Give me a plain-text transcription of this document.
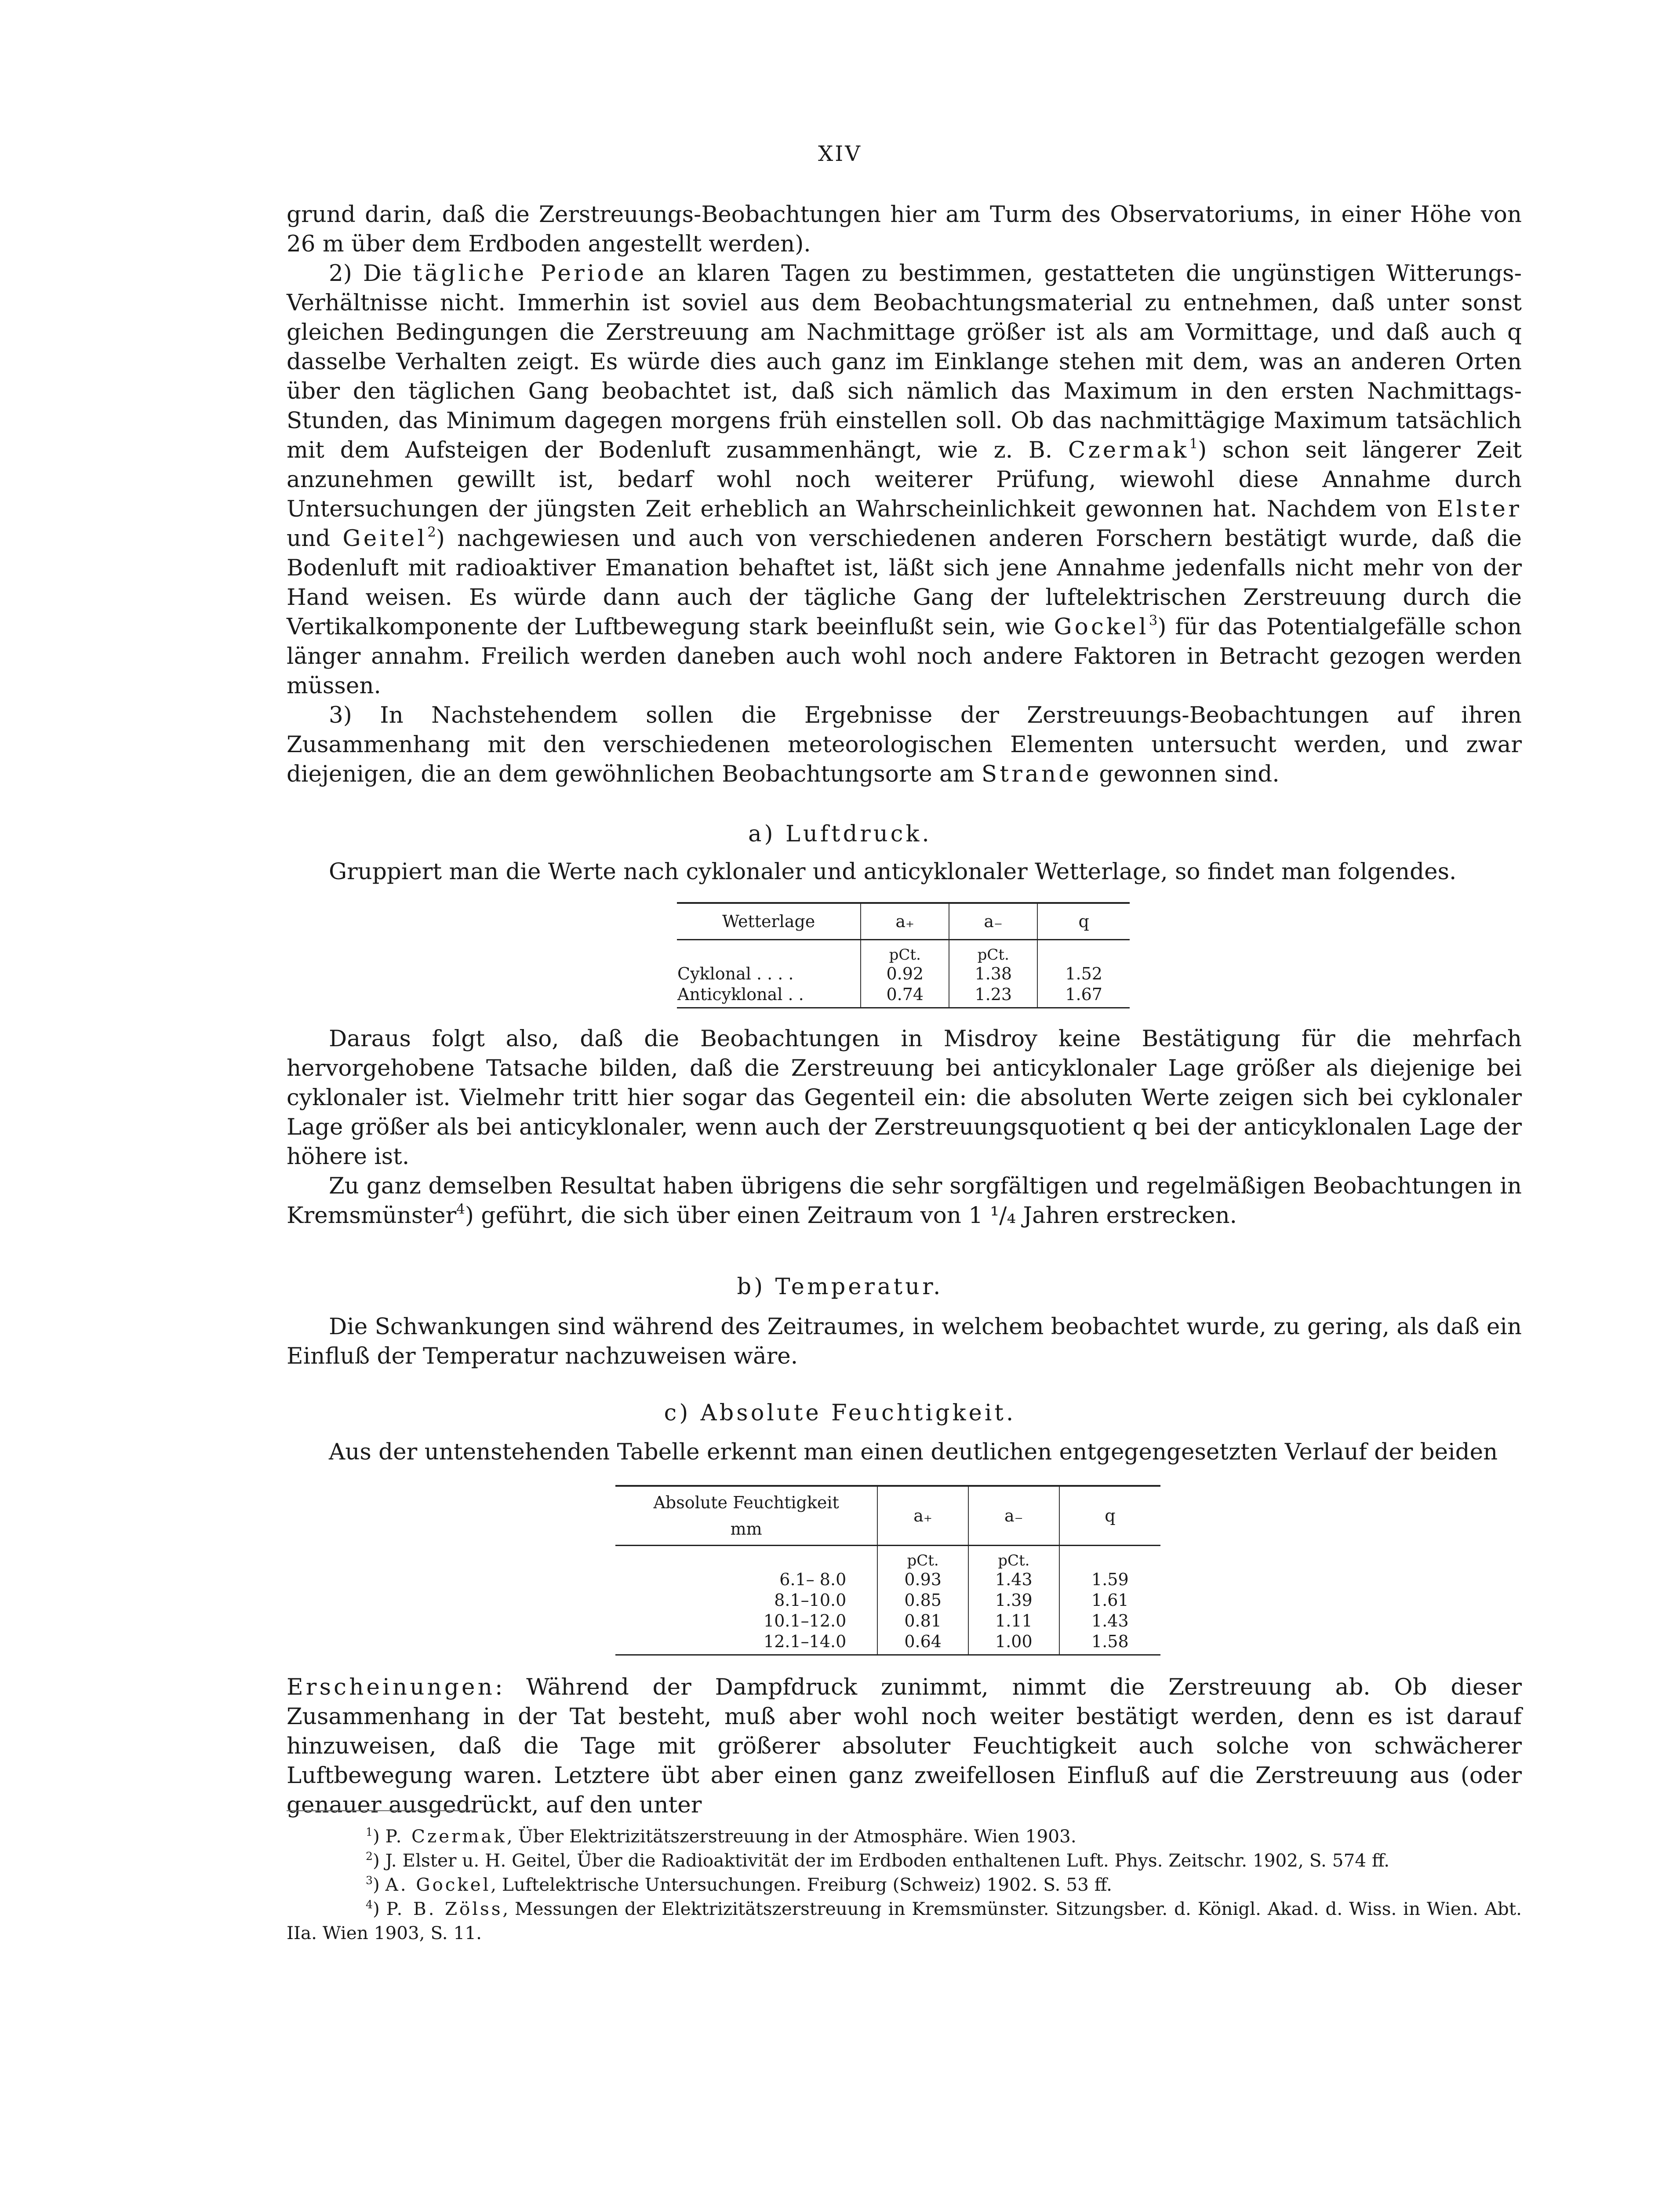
XIV

grund darin, daß die Zerstreuungs-Beobachtungen hier am Turm des Observatoriums, in einer Höhe von 26 m über dem Erdboden angestellt werden).

2) Die tägliche Periode an klaren Tagen zu bestimmen, gestatteten die ungünstigen Witterungs-Verhältnisse nicht. Immerhin ist soviel aus dem Beobachtungsmaterial zu entnehmen, daß unter sonst gleichen Bedingungen die Zerstreuung am Nachmittage größer ist als am Vormittage, und daß auch q dasselbe Verhalten zeigt. Es würde dies auch ganz im Einklange stehen mit dem, was an anderen Orten über den täglichen Gang beobachtet ist, daß sich nämlich das Maximum in den ersten Nachmittags-Stunden, das Minimum dagegen morgens früh einstellen soll. Ob das nachmittägige Maximum tatsächlich mit dem Aufsteigen der Bodenluft zusammenhängt, wie z. B. Czermak$^1$) schon seit längerer Zeit anzunehmen gewillt ist, bedarf wohl noch weiterer Prüfung, wiewohl diese Annahme durch Untersuchungen der jüngsten Zeit erheblich an Wahrscheinlichkeit gewonnen hat. Nachdem von Elster und Geitel$^2$) nachgewiesen und auch von verschiedenen anderen Forschern bestätigt wurde, daß die Bodenluft mit radioaktiver Emanation behaftet ist, läßt sich jene Annahme jedenfalls nicht mehr von der Hand weisen. Es würde dann auch der tägliche Gang der luftelektrischen Zerstreuung durch die Vertikalkomponente der Luftbewegung stark beeinflußt sein, wie Gockel$^3$) für das Potentialgefälle schon länger annahm. Freilich werden daneben auch wohl noch andere Faktoren in Betracht gezogen werden müssen.

3) In Nachstehendem sollen die Ergebnisse der Zerstreuungs-Beobachtungen auf ihren Zusammenhang mit den verschiedenen meteorologischen Elementen untersucht werden, und zwar diejenigen, die an dem gewöhnlichen Beobachtungsorte am Strande gewonnen sind.

a) Luftdruck.

Gruppiert man die Werte nach cyklonaler und anticyklonaler Wetterlage, so findet man folgendes.

Wetterlage	a₊	a₋	q
	pCt.	pCt.	
Cyklonal . . . .	0.92	1.38	1.52
Anticyklonal . .	0.74	1.23	1.67

Daraus folgt also, daß die Beobachtungen in Misdroy keine Bestätigung für die mehrfach hervorgehobene Tatsache bilden, daß die Zerstreuung bei anticyklonaler Lage größer als diejenige bei cyklonaler ist. Vielmehr tritt hier sogar das Gegenteil ein: die absoluten Werte zeigen sich bei cyklonaler Lage größer als bei anticyklonaler, wenn auch der Zerstreuungsquotient q bei der anticyklonalen Lage der höhere ist.

Zu ganz demselben Resultat haben übrigens die sehr sorgfältigen und regelmäßigen Beobachtungen in Kremsmünster$^4$) geführt, die sich über einen Zeitraum von 1 ¹/₄ Jahren erstrecken.

b) Temperatur.

Die Schwankungen sind während des Zeitraumes, in welchem beobachtet wurde, zu gering, als daß ein Einfluß der Temperatur nachzuweisen wäre.

c) Absolute Feuchtigkeit.

Aus der untenstehenden Tabelle erkennt man einen deutlichen entgegengesetzten Verlauf der beiden

Absolute Feuchtigkeit
mm	a₊	a₋	q
	pCt.	pCt.	
6.1– 8.0	0.93	1.43	1.59
8.1–10.0	0.85	1.39	1.61
10.1–12.0	0.81	1.11	1.43
12.1–14.0	0.64	1.00	1.58

Erscheinungen: Während der Dampfdruck zunimmt, nimmt die Zerstreuung ab. Ob dieser Zusammenhang in der Tat besteht, muß aber wohl noch weiter bestätigt werden, denn es ist darauf hinzuweisen, daß die Tage mit größerer absoluter Feuchtigkeit auch solche von schwächerer Luftbewegung waren. Letztere übt aber einen ganz zweifellosen Einfluß auf die Zerstreuung aus (oder genauer ausgedrückt, auf den unter

$^1$) P. Czermak, Über Elektrizitätszerstreuung in der Atmosphäre. Wien 1903.

$^2$) J. Elster u. H. Geitel, Über die Radioaktivität der im Erdboden enthaltenen Luft. Phys. Zeitschr. 1902, S. 574 ff.

$^3$) A. Gockel, Luftelektrische Untersuchungen. Freiburg (Schweiz) 1902. S. 53 ff.

$^4$) P. B. Zölss, Messungen der Elektrizitätszerstreuung in Kremsmünster. Sitzungsber. d. Königl. Akad. d. Wiss. in Wien. Abt. IIa. Wien 1903, S. 11.
